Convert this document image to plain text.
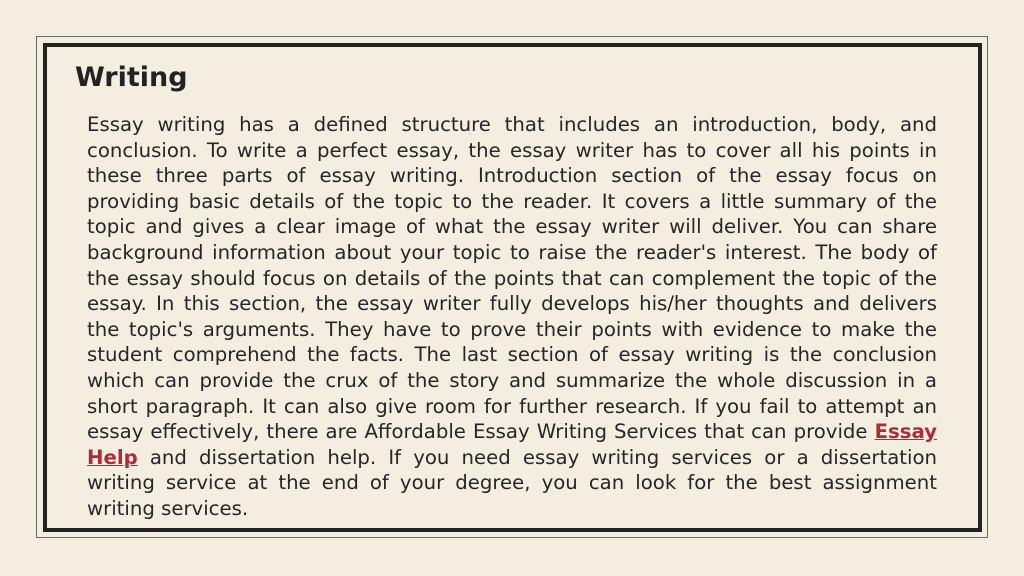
Writing

Essay writing has a defined structure that includes an introduction, body, and conclusion. To write a perfect essay, the essay writer has to cover all his points in these three parts of essay writing. Introduction section of the essay focus on providing basic details of the topic to the reader. It covers a little summary of the topic and gives a clear image of what the essay writer will deliver. You can share background information about your topic to raise the reader's interest. The body of the essay should focus on details of the points that can complement the topic of the essay. In this section, the essay writer fully develops his/her thoughts and delivers the topic's arguments. They have to prove their points with evidence to make the student comprehend the facts. The last section of essay writing is the conclusion which can provide the crux of the story and summarize the whole discussion in a short paragraph. It can also give room for further research. If you fail to attempt an essay effectively, there are Affordable Essay Writing Services that can provide Essay Help and dissertation help. If you need essay writing services or a dissertation writing service at the end of your degree, you can look for the best assignment writing services.
